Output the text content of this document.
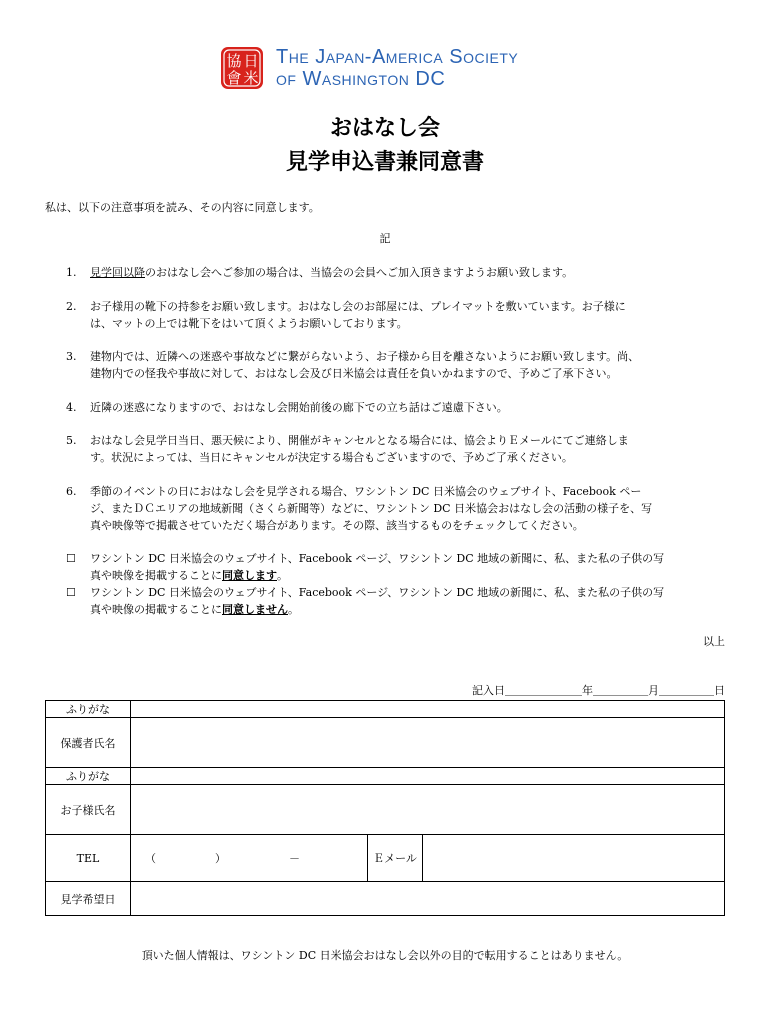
協 日
會 米
The Japan-America Society
of Washington DC
おはなし会
見学申込書兼同意書
私は、以下の注意事項を読み、その内容に同意します。
記
1.	見学回以降のおはなし会へご参加の場合は、当協会の会員へご加入頂きますようお願い致します。
2.	お子様用の靴下の持参をお願い致します。おはなし会のお部屋には、プレイマットを敷いています。お子様に
は、マットの上では靴下をはいて頂くようお願いしております。
3.	建物内では、近隣への迷惑や事故などに繋がらないよう、お子様から目を離さないようにお願い致します。尚、
建物内での怪我や事故に対して、おはなし会及び日米協会は責任を負いかねますので、予めご了承下さい。
4.	近隣の迷惑になりますので、おはなし会開始前後の廊下での立ち話はご遠慮下さい。
5.	おはなし会見学日当日、悪天候により、開催がキャンセルとなる場合には、協会よりＥメールにてご連絡しま
す。状況によっては、当日にキャンセルが決定する場合もございますので、予めご了承ください。
6.	季節のイベントの日におはなし会を見学される場合、ワシントン DC 日米協会のウェブサイト、Facebook ペー
ジ、またＤＣエリアの地域新聞（さくら新聞等）などに、ワシントン DC 日米協会おはなし会の活動の様子を、写
真や映像等で掲載させていただく場合があります。その際、該当するものをチェックしてください。
☐	ワシントン DC 日米協会のウェブサイト、Facebook ページ、ワシントン DC 地域の新聞に、私、また私の子供の写
真や映像を掲載することに同意します。
☐	ワシントン DC 日米協会のウェブサイト、Facebook ページ、ワシントン DC 地域の新聞に、私、また私の子供の写
真や映像の掲載することに同意しません。
以上
記入日＿＿＿＿＿＿＿年＿＿＿＿＿月＿＿＿＿＿日
ふりがな			
保護者氏名			
ふりがな			
お子様氏名			
TEL	（ ） －	Ｅメール	
見学希望日			
頂いた個人情報は、ワシントン DC 日米協会おはなし会以外の目的で転用することはありません。
